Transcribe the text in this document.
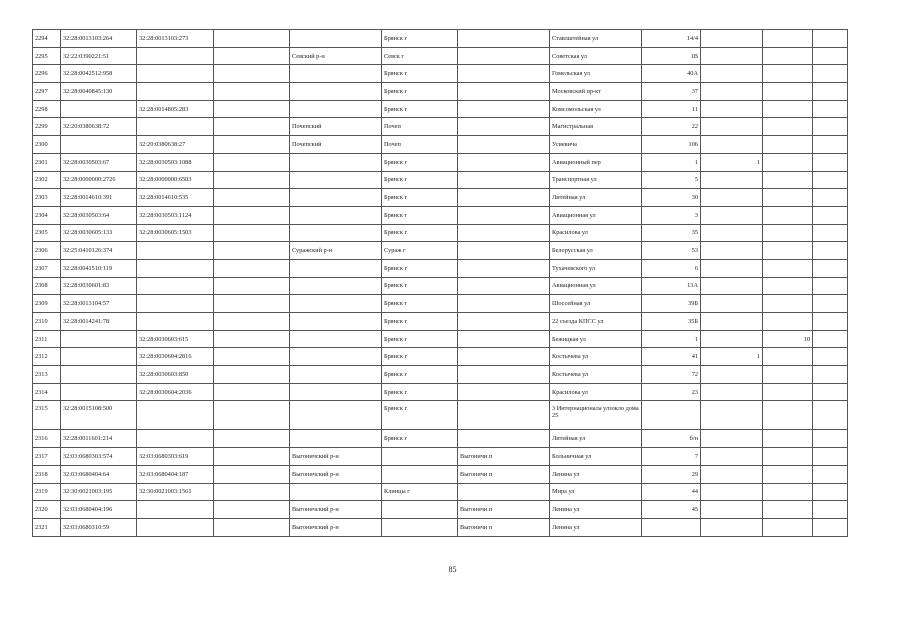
2294	32:28:0013103:264	32:28:0013103:273			Брянск г		Ставлштейная ул	14/4			
2295	32:22:0390221:51			Севский р-н	Севск г		Советская ул	1В			
2296	32:28:0042512:958				Брянск г		Гомельская ул	40А			
2297	32:28:0040845:130				Брянск г		Московский пр-кт	37			
2298		32:28:0014805:283			Брянск г		Комсомольская ул	11			
2299	32:20:0380638:72			Почепский	Почеп		Магистральная	22			
2300		32:20:0380638:27		Почепский	Почеп		Усиевича	106			
2301	32:28:0030503:67	32:28:0030503:1088			Брянск г		Авиационный пер	1	1		
2302	32:28:0000000:2726	32:28:0000000:6503			Брянск г		Транспортная ул	5			
2303	32:28:0014610:391	32:28:0014610:535			Брянск г		Литейная ул	30			
2304	32:28:0030503:64	32:28:0030503:1124			Брянск г		Авиационная ул	3			
2305	32:28:0030605:133	32:28:0030605:1503			Брянск г		Красилова ул	35			
2306	32:25:0410126:374			Суражский р-н	Сураж г		Белорусская ул	53			
2307	32:28:0041510:119				Брянск г		Тухачевского ул	6			
2308	32:28:0030601:83				Брянск г		Авиационная ул	13А			
2309	32:28:0013104:57				Брянск г		Шоссейная ул	39Б			
2310	32:28:0014241:78				Брянск г		22 съезда КПСС ул	35Б			
2311		32:28:0030603:615			Брянск г		Бежицкая ул	1		10	
2312		32:28:0030604:2816			Брянск г		Костычева ул	41	1		
2313		32:28:0030603:850			Брянск г		Костычева ул	72			
2314		32:28:0030604:2036			Брянск г		Красилова ул	23			
2315	32:28:0015108:500				Брянск г		3 Интернационала улзокло дома 25				
2316	32:28:0011601:214				Брянск г		Литейная ул	б/н			
2317	32:03:0680303:574	32:03:0680303:619		Выгоничский р-н		Выгоничи п	Больничная ул	7			
2318	32:03:0680404:64	32:03:0680404:187		Выгоничский р-н		Выгоничи п	Ленина ул	29			
2319	32:30:0021003:195	32:30:0021003:1561			Клинцы г		Мира ул	44			
2320	32:03:0680404:196			Выгоничский р-н		Выгоничи п	Ленина ул	45			
2321	32:03:0680310:59			Выгоничский р-н		Выгоничи п	Ленина ул				
85
